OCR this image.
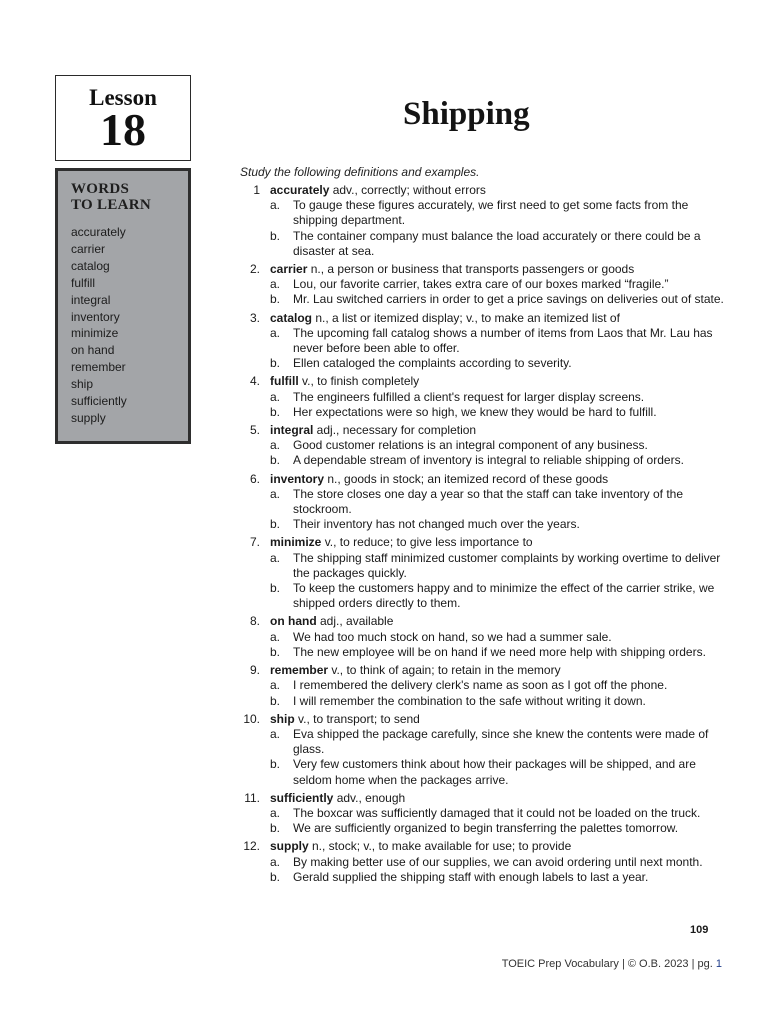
Lesson
18
WORDS
TO LEARN
accurately
carrier
catalog
fulfill
integral
inventory
minimize
on hand
remember
ship
sufficiently
supply
Shipping
Study the following definitions and examples.
1 accurately adv., correctly; without errors
a. To gauge these figures accurately, we first need to get some facts from the shipping department.
b. The container company must balance the load accurately or there could be a disaster at sea.
2. carrier n., a person or business that transports passengers or goods
a. Lou, our favorite carrier, takes extra care of our boxes marked “fragile.”
b. Mr. Lau switched carriers in order to get a price savings on deliveries out of state.
3. catalog n., a list or itemized display; v., to make an itemized list of
a. The upcoming fall catalog shows a number of items from Laos that Mr. Lau has never before been able to offer.
b. Ellen cataloged the complaints according to severity.
4. fulfill v., to finish completely
a. The engineers fulfilled a client's request for larger display screens.
b. Her expectations were so high, we knew they would be hard to fulfill.
5. integral adj., necessary for completion
a. Good customer relations is an integral component of any business.
b. A dependable stream of inventory is integral to reliable shipping of orders.
6. inventory n., goods in stock; an itemized record of these goods
a. The store closes one day a year so that the staff can take inventory of the stockroom.
b. Their inventory has not changed much over the years.
7. minimize v., to reduce; to give less importance to
a. The shipping staff minimized customer complaints by working overtime to deliver the packages quickly.
b. To keep the customers happy and to minimize the effect of the carrier strike, we shipped orders directly to them.
8. on hand adj., available
a. We had too much stock on hand, so we had a summer sale.
b. The new employee will be on hand if we need more help with shipping orders.
9. remember v., to think of again; to retain in the memory
a. I remembered the delivery clerk's name as soon as I got off the phone.
b. I will remember the combination to the safe without writing it down.
10. ship v., to transport; to send
a. Eva shipped the package carefully, since she knew the contents were made of glass.
b. Very few customers think about how their packages will be shipped, and are seldom home when the packages arrive.
11. sufficiently adv., enough
a. The boxcar was sufficiently damaged that it could not be loaded on the truck.
b. We are sufficiently organized to begin transferring the palettes tomorrow.
12. supply n., stock; v., to make available for use; to provide
a. By making better use of our supplies, we can avoid ordering until next month.
b. Gerald supplied the shipping staff with enough labels to last a year.
109
TOEIC Prep Vocabulary | © O.B. 2023 | pg. 1
